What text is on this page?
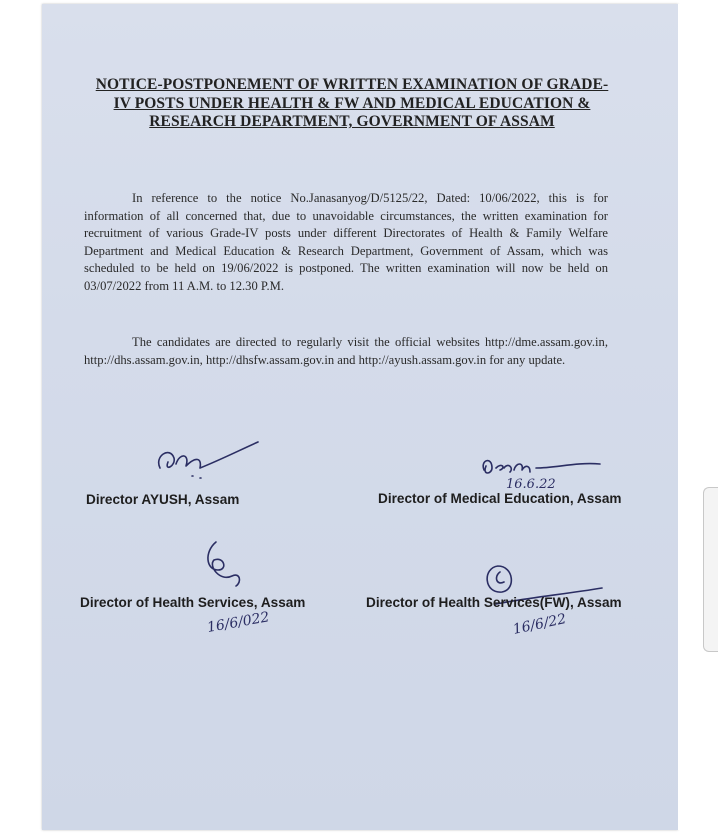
NOTICE-POSTPONEMENT OF WRITTEN EXAMINATION OF GRADE-IV POSTS UNDER HEALTH & FW AND MEDICAL EDUCATION & RESEARCH DEPARTMENT, GOVERNMENT OF ASSAM
In reference to the notice No.Janasanyog/D/5125/22, Dated: 10/06/2022, this is for information of all concerned that, due to unavoidable circumstances, the written examination for recruitment of various Grade-IV posts under different Directorates of Health & Family Welfare Department and Medical Education & Research Department, Government of Assam, which was scheduled to be held on 19/06/2022 is postponed. The written examination will now be held on 03/07/2022 from 11 A.M. to 12.30 P.M.
The candidates are directed to regularly visit the official websites http://dme.assam.gov.in, http://dhs.assam.gov.in, http://dhsfw.assam.gov.in and http://ayush.assam.gov.in for any update.
Director AYUSH, Assam
16.6.22
Director of Medical Education, Assam
16/6/022
Director of Health Services, Assam
16/6/22
Director of Health Services(FW), Assam
